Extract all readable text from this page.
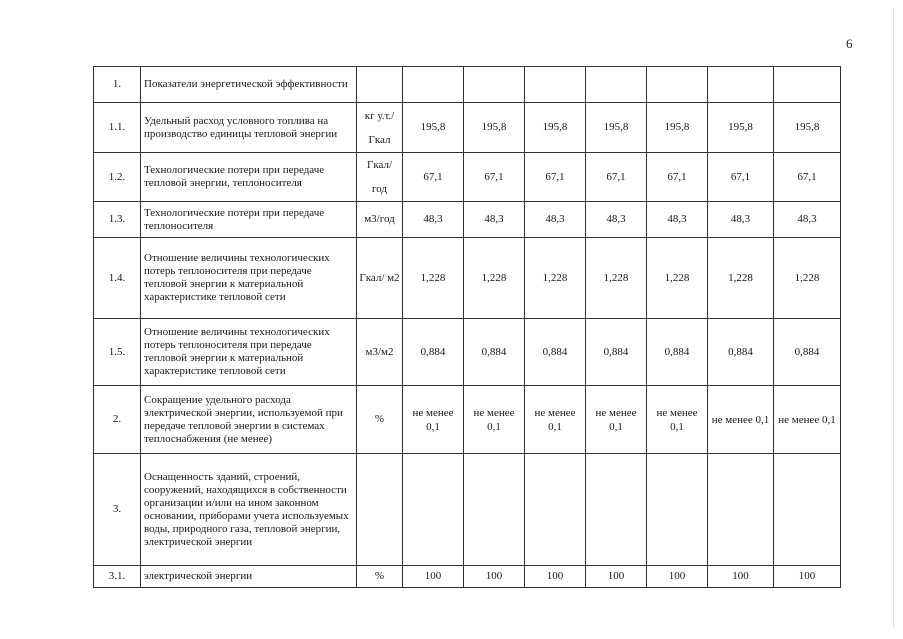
6
1.	Показатели энергетической эффективности								
1.1.	Удельный расход условного топлива на производство единицы тепловой энергии	кг у.т./ Гкал	195,8	195,8	195,8	195,8	195,8	195,8	195,8
1.2.	Технологические потери при передаче тепловой энергии, теплоносителя	Гкал/ год	67,1	67,1	67,1	67,1	67,1	67,1	67,1
1.3.	Технологические потери при передаче теплоносителя	м3/год	48,3	48,3	48,3	48,3	48,3	48,3	48,3
1.4.	Отношение величины технологических потерь теплоносителя при передаче тепловой энергии к материальной характеристике тепловой сети	Гкал/ м2	1,228	1,228	1,228	1,228	1,228	1,228	1,228
1.5.	Отношение величины технологических потерь теплоносителя при передаче тепловой энергии к материальной характеристике тепловой сети	м3/м2	0,884	0,884	0,884	0,884	0,884	0,884	0,884
2.	Сокращение удельного расхода электрической энергии, используемой при передаче тепловой энергии в системах теплоснабжения (не менее)	%	не менее 0,1	не менее 0,1	не менее 0,1	не менее 0,1	не менее 0,1	не менее 0,1	не менее 0,1
3.	Оснащенность зданий, строений, сооружений, находящихся в собственности организации и/или на ином законном основании, приборами учета используемых воды, природного газа, тепловой энергии, электрической энергии								
3.1.	электрической энергии	%	100	100	100	100	100	100	100
